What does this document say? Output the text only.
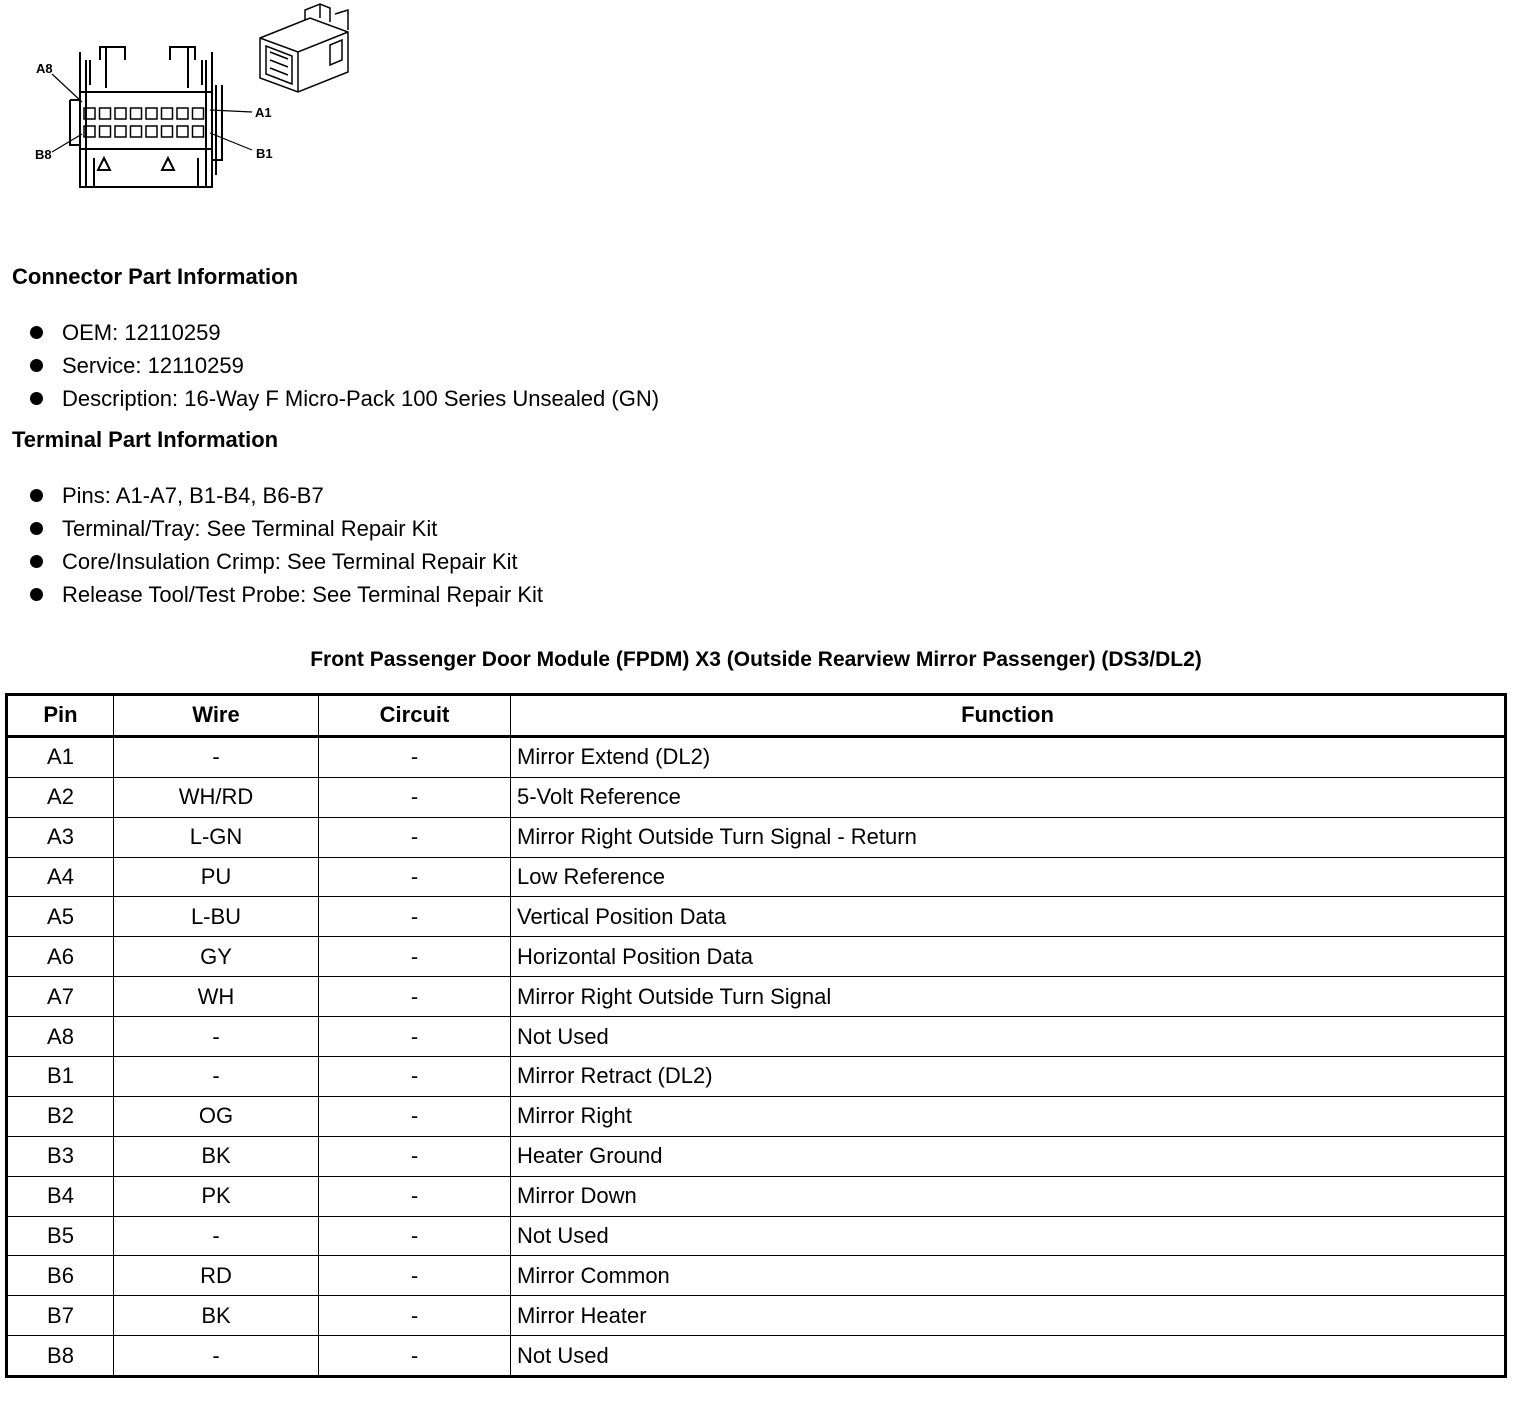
A8
A1
B8	B1
Connector Part Information
OEM: 12110259
Service: 12110259
Description: 16-Way F Micro-Pack 100 Series Unsealed (GN)
Terminal Part Information
Pins: A1-A7, B1-B4, B6-B7
Terminal/Tray: See Terminal Repair Kit
Core/Insulation Crimp: See Terminal Repair Kit
Release Tool/Test Probe: See Terminal Repair Kit
Front Passenger Door Module (FPDM) X3 (Outside Rearview Mirror Passenger) (DS3/DL2)
Pin	Wire	Circuit	Function
A1	-	-	Mirror Extend (DL2)
A2	WH/RD	-	5-Volt Reference
A3	L-GN	-	Mirror Right Outside Turn Signal - Return
A4	PU	-	Low Reference
A5	L-BU	-	Vertical Position Data
A6	GY	-	Horizontal Position Data
A7	WH	-	Mirror Right Outside Turn Signal
A8	-	-	Not Used
B1	-	-	Mirror Retract (DL2)
B2	OG	-	Mirror Right
B3	BK	-	Heater Ground
B4	PK	-	Mirror Down
B5	-	-	Not Used
B6	RD	-	Mirror Common
B7	BK	-	Mirror Heater
B8	-	-	Not Used
